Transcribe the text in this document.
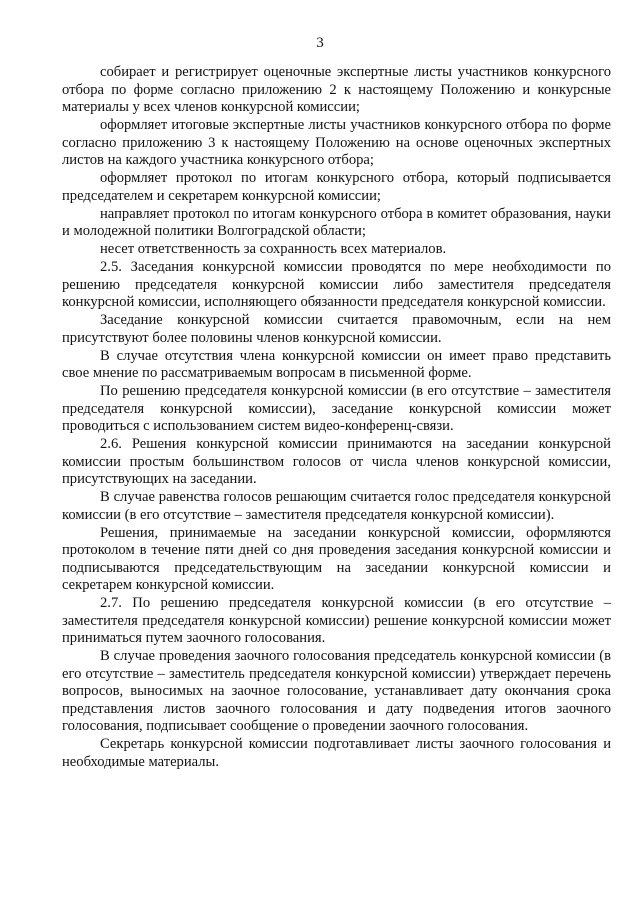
3

собирает и регистрирует оценочные экспертные листы участников конкурсного отбора по форме согласно приложению 2 к настоящему Положению и конкурсные материалы у всех членов конкурсной комиссии;

оформляет итоговые экспертные листы участников конкурсного отбора по форме согласно приложению 3 к настоящему Положению на основе оценочных экспертных листов на каждого участника конкурсного отбора;

оформляет протокол по итогам конкурсного отбора, который подписывается председателем и секретарем конкурсной комиссии;

направляет протокол по итогам конкурсного отбора в комитет образования, науки и молодежной политики Волгоградской области;

несет ответственность за сохранность всех материалов.

2.5. Заседания конкурсной комиссии проводятся по мере необходимости по решению председателя конкурсной комиссии либо заместителя председателя конкурсной комиссии, исполняющего обязанности председателя конкурсной комиссии.

Заседание конкурсной комиссии считается правомочным, если на нем присутствуют более половины членов конкурсной комиссии.

В случае отсутствия члена конкурсной комиссии он имеет право представить свое мнение по рассматриваемым вопросам в письменной форме.

По решению председателя конкурсной комиссии (в его отсутствие – заместителя председателя конкурсной комиссии), заседание конкурсной комиссии может проводиться с использованием систем видео-конференц-связи.

2.6. Решения конкурсной комиссии принимаются на заседании конкурсной комиссии простым большинством голосов от числа членов конкурсной комиссии, присутствующих на заседании.

В случае равенства голосов решающим считается голос председателя конкурсной комиссии (в его отсутствие – заместителя председателя конкурсной комиссии).

Решения, принимаемые на заседании конкурсной комиссии, оформляются протоколом в течение пяти дней со дня проведения заседания конкурсной комиссии и подписываются председательствующим на заседании конкурсной комиссии и секретарем конкурсной комиссии.

2.7. По решению председателя конкурсной комиссии (в его отсутствие – заместителя председателя конкурсной комиссии) решение конкурсной комиссии может приниматься путем заочного голосования.

В случае проведения заочного голосования председатель конкурсной комиссии (в его отсутствие – заместитель председателя конкурсной комиссии) утверждает перечень вопросов, выносимых на заочное голосование, устанавливает дату окончания срока представления листов заочного голосования и дату подведения итогов заочного голосования, подписывает сообщение о проведении заочного голосования.

Секретарь конкурсной комиссии подготавливает листы заочного голосования и необходимые материалы.
